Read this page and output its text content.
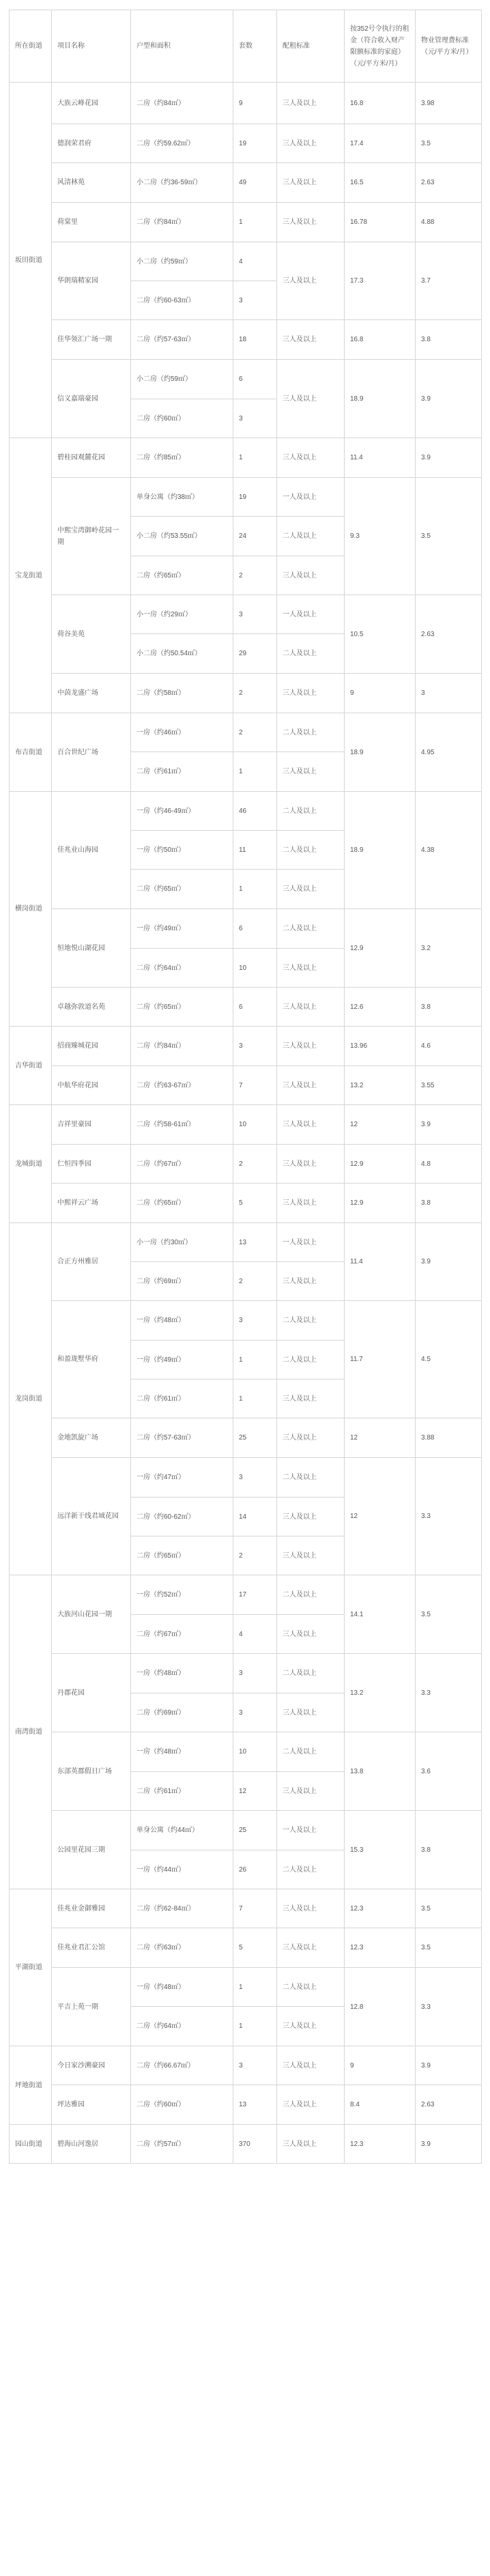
所在街道	项目名称	户型和面积	套数	配租标准	按352号令执行的租金（符合收入财产限额标准的家庭）（元/平方米/月）	物业管理费标准（元/平方米/月）
坂田街道	大族云峰花园	二房（约84㎡）	9	三人及以上	16.8	3.98
	德润荣君府	二房（约59.62㎡）	19	三人及以上	17.4	3.5
	风清林苑	小二房（约36-59㎡）	49	三人及以上	16.5	2.63
	荷棠里	二房（约84㎡）	1	三人及以上	16.78	4.88
	华朗瑞精家园	小二房（约59㎡）	4	三人及以上	17.3	3.7
		二房（约60-63㎡）	3			
	佳华领汇广场一期	二房（约57-63㎡）	18	三人及以上	16.8	3.8
	信义嘉瑞豪园	小二房（约59㎡）	6	三人及以上	18.9	3.9
		二房（约60㎡）	3			
宝龙街道	碧桂园观麓花园	二房（约85㎡）	1	三人及以上	11.4	3.9
	中熙宝湾御岭花园一期	单身公寓（约38㎡）	19	一人及以上	9.3	3.5
		小二房（约53.55㎡）	24	二人及以上		
		二房（约65㎡）	2	三人及以上		
	荷谷美苑	小一房（约29㎡）	3	一人及以上	10.5	2.63
		小二房（约50.54㎡）	29	二人及以上		
	中茵龙盛广场	二房（约58㎡）	2	三人及以上	9	3
布吉街道	百合世纪广场	一房（约46㎡）	2	二人及以上	18.9	4.95
		二房（约61㎡）	1	三人及以上		
横岗街道	佳兆业山海园	一房（约46-49㎡）	46	二人及以上	18.9	4.38
		一房（约50㎡）	11	二人及以上		
		二房（约65㎡）	1	三人及以上		
	恒地悦山湖花园	一房（约49㎡）	6	二人及以上	12.9	3.2
		二房（约64㎡）	10	三人及以上		
	卓越弥敦道名苑	二房（约65㎡）	6	三人及以上	12.6	3.8
吉华街道	招商臻城花园	二房（约84㎡）	3	三人及以上	13.96	4.6
	中航华府花园	二房（约63-67㎡）	7	三人及以上	13.2	3.55
龙城街道	吉祥里豪园	二房（约58-61㎡）	10	三人及以上	12	3.9
	仁恒四季园	二房（约67㎡）	2	三人及以上	12.9	4.8
	中熙祥云广场	二房（约65㎡）	5	三人及以上	12.9	3.8
龙岗街道	合正方州雅居	小一房（约30㎡）	13	一人及以上	11.4	3.9
		二房（约69㎡）	2	三人及以上		
	和盈珑墅华府	一房（约48㎡）	3	二人及以上	11.7	4.5
		一房（约49㎡）	1	二人及以上		
		二房（约61㎡）	1	三人及以上		
	金地凯旋广场	二房（约57-63㎡）	25	三人及以上	12	3.88
	远洋新干线君域花园	一房（约47㎡）	3	二人及以上	12	3.3
		二房（约60-62㎡）	14	三人及以上		
		二房（约65㎡）	2	三人及以上		
南湾街道	大族河山花园一期	一房（约52㎡）	17	二人及以上	14.1	3.5
		二房（约67㎡）	4	三人及以上		
	丹郡花园	一房（约48㎡）	3	二人及以上	13.2	3.3
		二房（约69㎡）	3	三人及以上		
	东部英郡假日广场	一房（约48㎡）	10	二人及以上	13.8	3.6
		二房（约61㎡）	12	三人及以上		
	公园里花园三期	单身公寓（约44㎡）	25	一人及以上	15.3	3.8
		一房（约44㎡）	26	二人及以上		
平湖街道	佳兆业金御雅园	二房（约62-84㎡）	7	三人及以上	12.3	3.5
	佳兆业君汇公馆	二房（约63㎡）	5	三人及以上	12.3	3.5
	平吉上苑一期	一房（约48㎡）	1	二人及以上	12.8	3.3
		二房（约64㎡）	1	三人及以上		
坪地街道	今日家沙溯豪园	二房（约66.67㎡）	3	三人及以上	9	3.9
	坪达雅园	二房（约60㎡）	13	三人及以上	8.4	2.63
园山街道	碧海山河逸居	二房（约57㎡）	370	三人及以上	12.3	3.9
